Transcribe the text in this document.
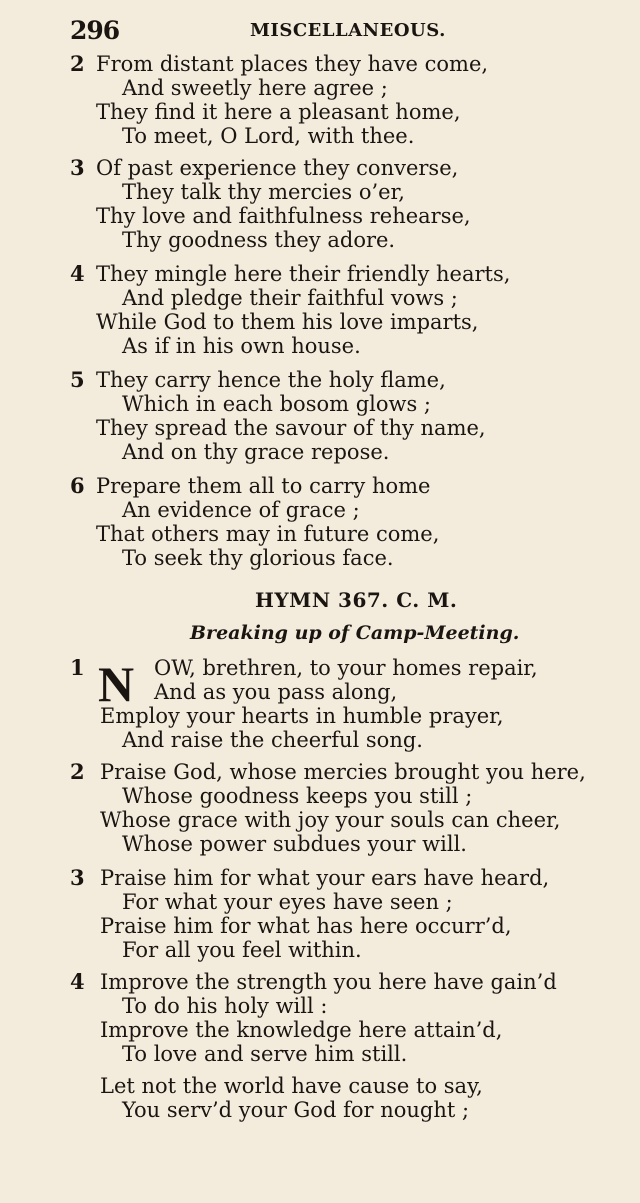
296	MISCELLANEOUS.
2 From distant places they have come,
And sweetly here agree ;
They find it here a pleasant home,
To meet, O Lord, with thee.
3 Of past experience they converse,
They talk thy mercies o’er,
Thy love and faithfulness rehearse,
Thy goodness they adore.
4 They mingle here their friendly hearts,
And pledge their faithful vows ;
While God to them his love imparts,
As if in his own house.
5 They carry hence the holy flame,
Which in each bosom glows ;
They spread the savour of thy name,
And on thy grace repose.
6 Prepare them all to carry home
An evidence of grace ;
That others may in future come,
To seek thy glorious face.
HYMN 367. C. M.
Breaking up of Camp-Meeting.
1 N OW, brethren, to your homes repair,
And as you pass along,
Employ your hearts in humble prayer,
And raise the cheerful song.
2 Praise God, whose mercies brought you here,
Whose goodness keeps you still ;
Whose grace with joy your souls can cheer,
Whose power subdues your will.
3 Praise him for what your ears have heard,
For what your eyes have seen ;
Praise him for what has here occurr’d,
For all you feel within.
4 Improve the strength you here have gain’d
To do his holy will :
Improve the knowledge here attain’d,
To love and serve him still.
Let not the world have cause to say,
You serv’d your God for nought ;
